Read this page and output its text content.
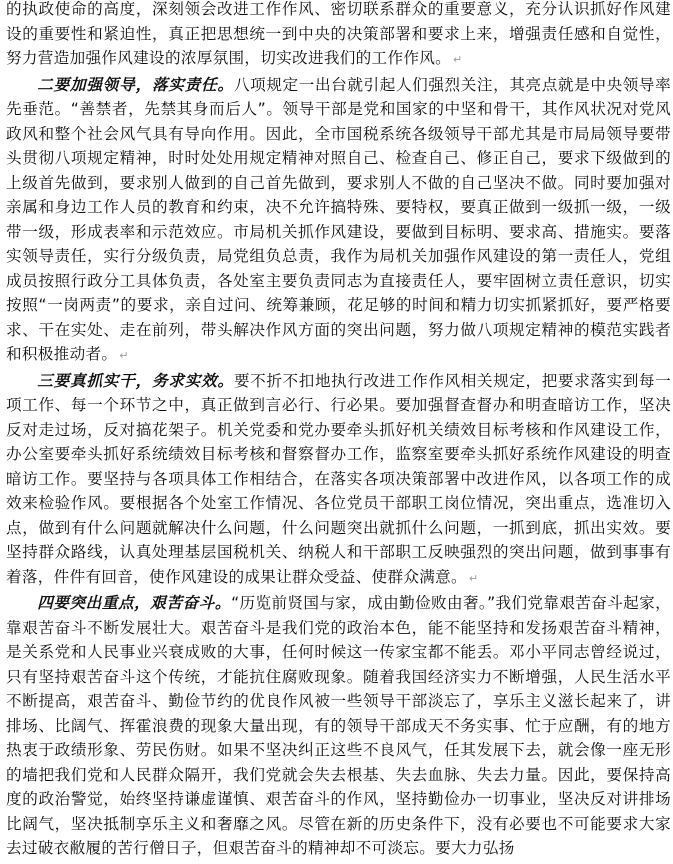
的执政使命的高度，深刻领会改进工作作风、密切联系群众的重要意义，充分认识抓好作风建设的重要性和紧迫性，真正把思想统一到中央的决策部署和要求上来，增强责任感和自觉性，努力营造加强作风建设的浓厚氛围，切实改进我们的工作作风。 ↵

二要加强领导，落实责任。八项规定一出台就引起人们强烈关注，其亮点就是中央领导率先垂范。“善禁者，先禁其身而后人”。领导干部是党和国家的中坚和骨干，其作风状况对党风政风和整个社会风气具有导向作用。因此，全市国税系统各级领导干部尤其是市局局领导要带头贯彻八项规定精神，时时处处用规定精神对照自己、检查自己、修正自己，要求下级做到的上级首先做到，要求别人做到的自己首先做到，要求别人不做的自己坚决不做。同时要加强对亲属和身边工作人员的教育和约束，决不允许搞特殊、要特权，要真正做到一级抓一级，一级带一级，形成表率和示范效应。市局机关抓作风建设，要做到目标明、要求高、措施实。要落实领导责任，实行分级负责，局党组负总责，我作为局机关加强作风建设的第一责任人，党组成员按照行政分工具体负责，各处室主要负责同志为直接责任人，要牢固树立责任意识，切实按照“一岗两责”的要求，亲自过问、统筹兼顾，花足够的时间和精力切实抓紧抓好，要严格要求、干在实处、走在前列，带头解决作风方面的突出问题，努力做八项规定精神的模范实践者和积极推动者。 ↵

三要真抓实干，务求实效。要不折不扣地执行改进工作作风相关规定，把要求落实到每一项工作、每一个环节之中，真正做到言必行、行必果。要加强督查督办和明查暗访工作，坚决反对走过场，反对搞花架子。机关党委和党办要牵头抓好机关绩效目标考核和作风建设工作，办公室要牵头抓好系统绩效目标考核和督察督办工作，监察室要牵头抓好系统作风建设的明查暗访工作。要坚持与各项具体工作相结合，在落实各项决策部署中改进作风，以各项工作的成效来检验作风。要根据各个处室工作情况、各位党员干部职工岗位情况，突出重点，选准切入点，做到有什么问题就解决什么问题，什么问题突出就抓什么问题，一抓到底，抓出实效。要坚持群众路线，认真处理基层国税机关、纳税人和干部职工反映强烈的突出问题，做到事事有着落，件件有回音，使作风建设的成果让群众受益、使群众满意。 ↵

四要突出重点，艰苦奋斗。“历览前贤国与家，成由勤俭败由奢。”我们党靠艰苦奋斗起家，靠艰苦奋斗不断发展壮大。艰苦奋斗是我们党的政治本色，能不能坚持和发扬艰苦奋斗精神，是关系党和人民事业兴衰成败的大事，任何时候这一传家宝都不能丢。邓小平同志曾经说过，只有坚持艰苦奋斗这个传统，才能抗住腐败现象。随着我国经济实力不断增强，人民生活水平不断提高，艰苦奋斗、勤俭节约的优良作风被一些领导干部淡忘了，享乐主义滋长起来了，讲排场、比阔气、挥霍浪费的现象大量出现，有的领导干部成天不务实事、忙于应酬，有的地方热衷于政绩形象、劳民伤财。如果不坚决纠正这些不良风气，任其发展下去，就会像一座无形的墙把我们党和人民群众隔开，我们党就会失去根基、失去血脉、失去力量。因此，要保持高度的政治警觉，始终坚持谦虚谨慎、艰苦奋斗的作风，坚持勤俭办一切事业，坚决反对讲排场比阔气，坚决抵制享乐主义和奢靡之风。尽管在新的历史条件下，没有必要也不可能要求大家去过破衣敝履的苦行僧日子，但艰苦奋斗的精神却不可淡忘。要大力弘扬
